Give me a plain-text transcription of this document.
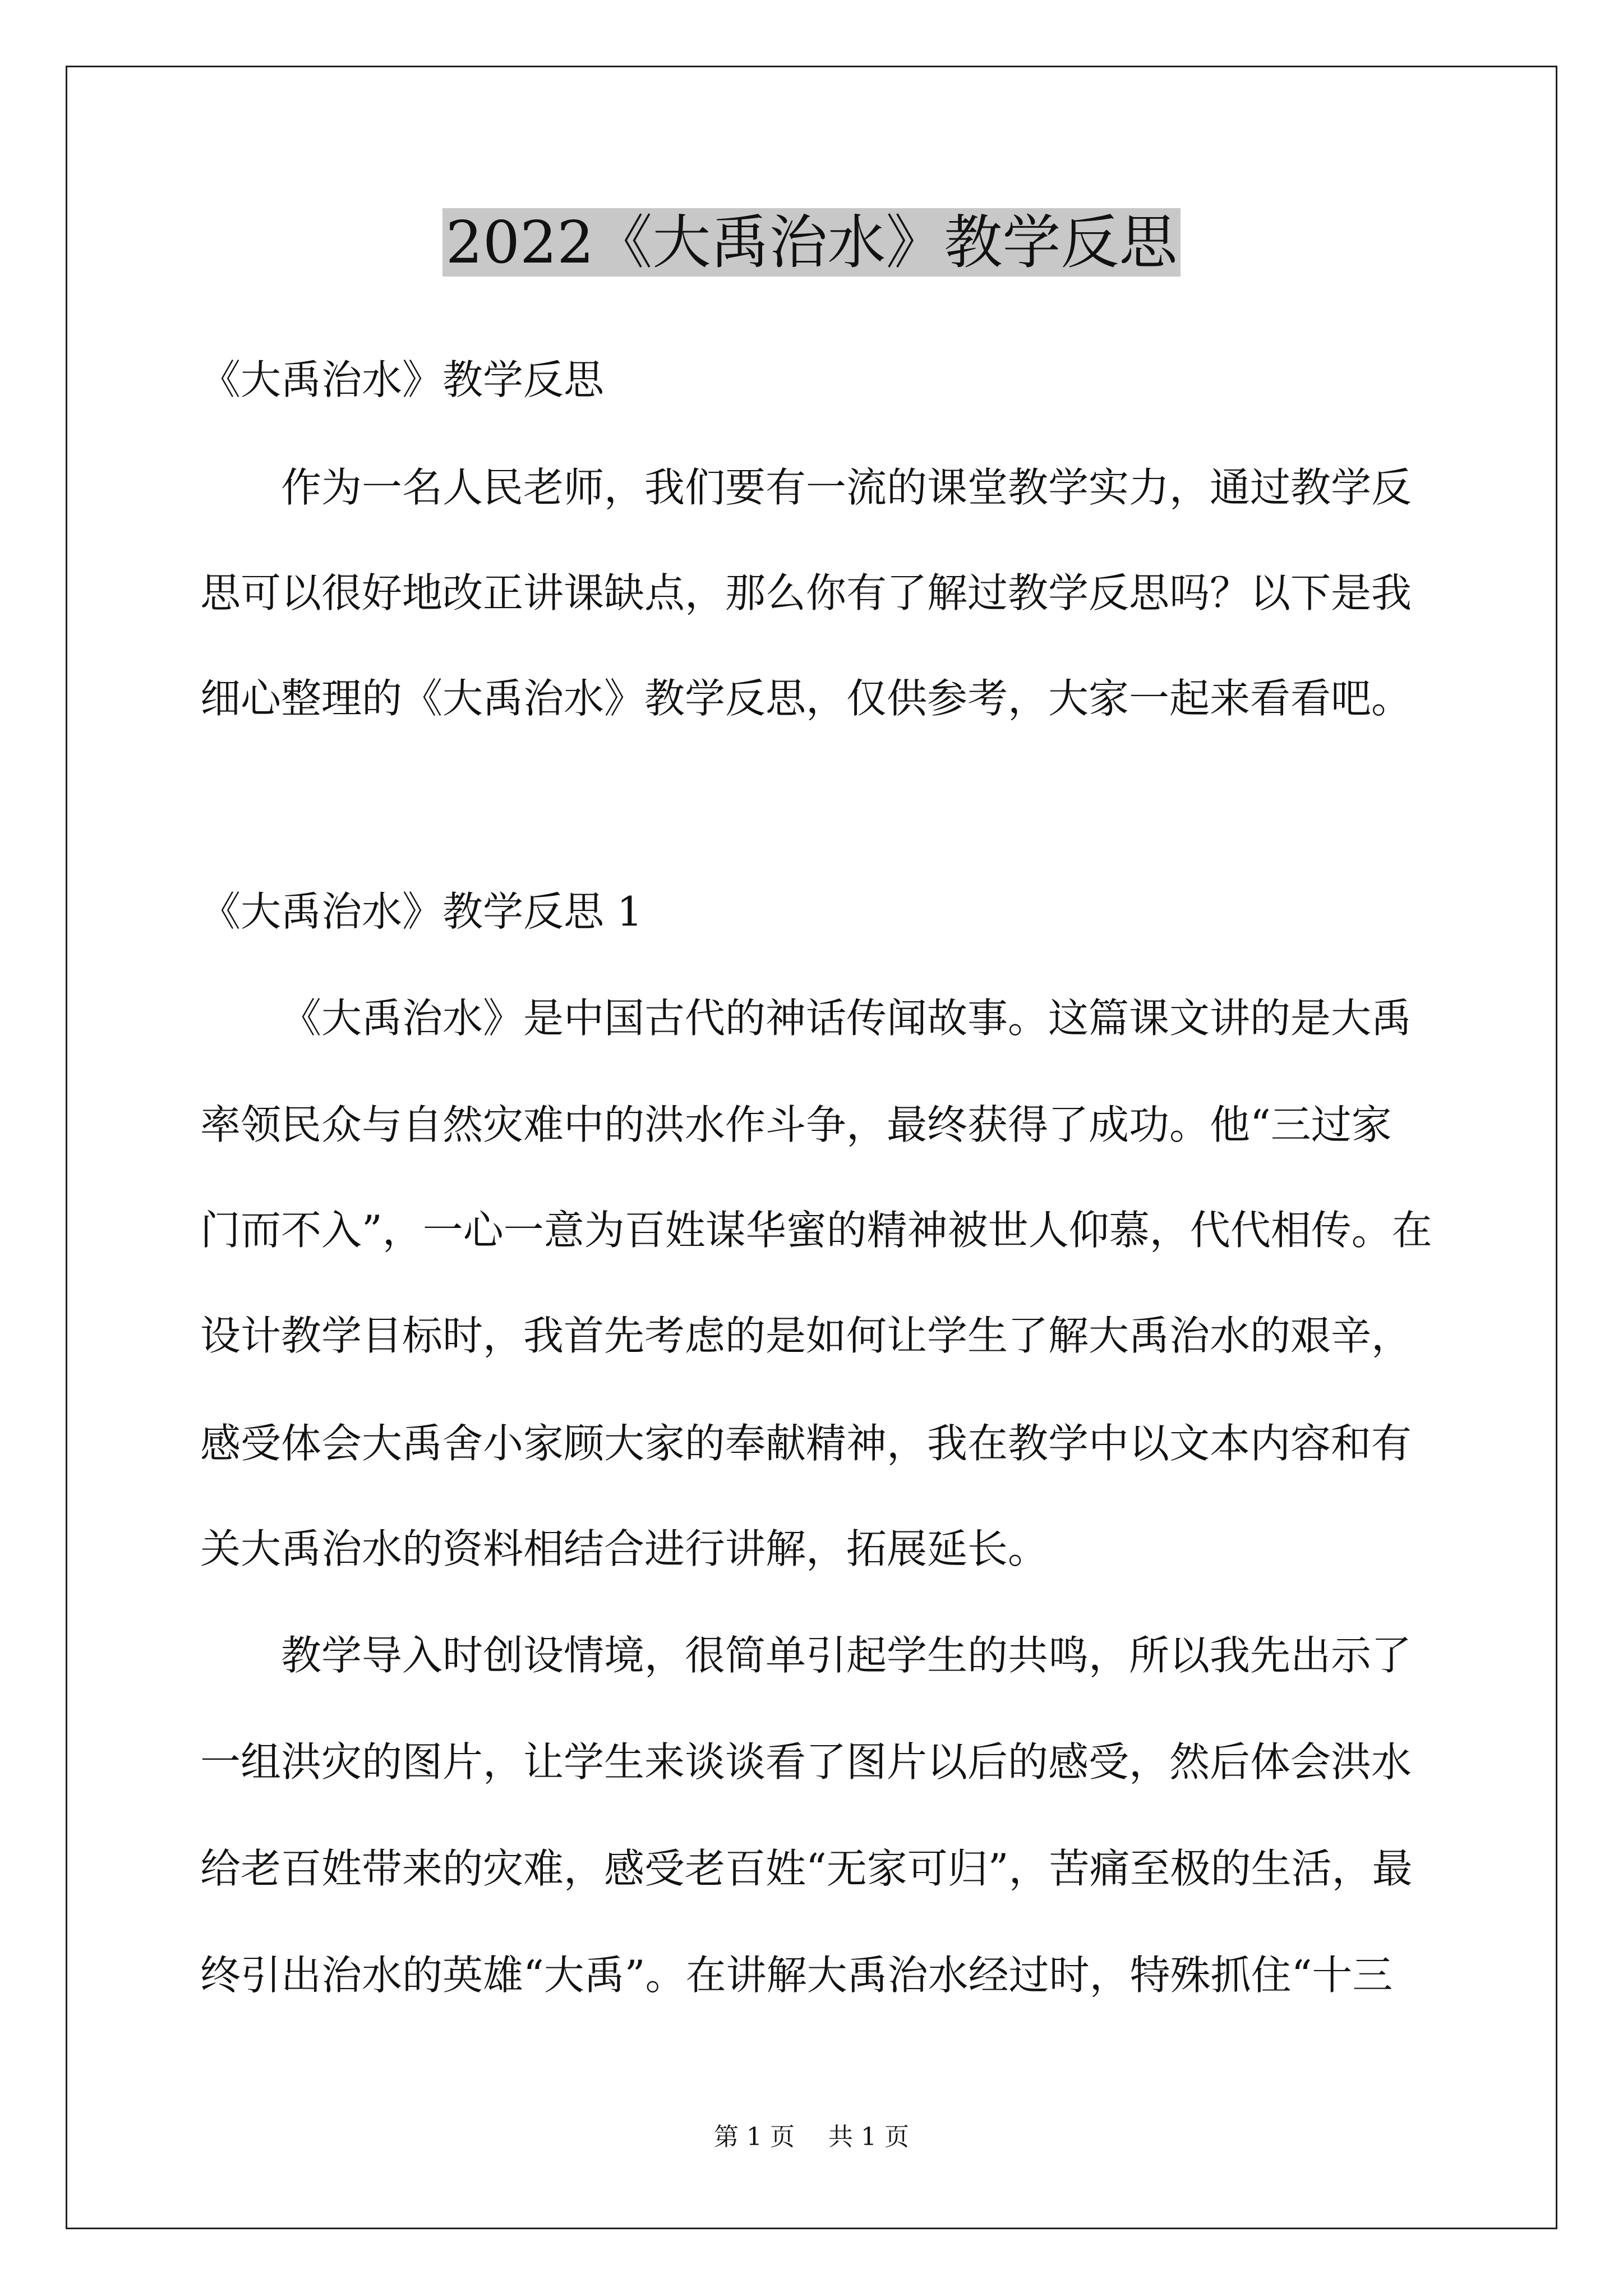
2022《大禹治水》教学反思

《大禹治水》教学反思

作为一名人民老师，我们要有一流的课堂教学实力，通过教学反

思可以很好地改正讲课缺点，那么你有了解过教学反思吗？以下是我

细心整理的《大禹治水》教学反思，仅供参考，大家一起来看看吧。

《大禹治水》教学反思 1

《大禹治水》是中国古代的神话传闻故事。这篇课文讲的是大禹

率领民众与自然灾难中的洪水作斗争，最终获得了成功。他“三过家

门而不入”，一心一意为百姓谋华蜜的精神被世人仰慕，代代相传。在

设计教学目标时，我首先考虑的是如何让学生了解大禹治水的艰辛，

感受体会大禹舍小家顾大家的奉献精神，我在教学中以文本内容和有

关大禹治水的资料相结合进行讲解，拓展延长。

教学导入时创设情境，很简单引起学生的共鸣，所以我先出示了

一组洪灾的图片，让学生来谈谈看了图片以后的感受，然后体会洪水

给老百姓带来的灾难，感受老百姓“无家可归”，苦痛至极的生活，最

终引出治水的英雄“大禹”。在讲解大禹治水经过时，特殊抓住“十三

第 1 页 共 1 页
